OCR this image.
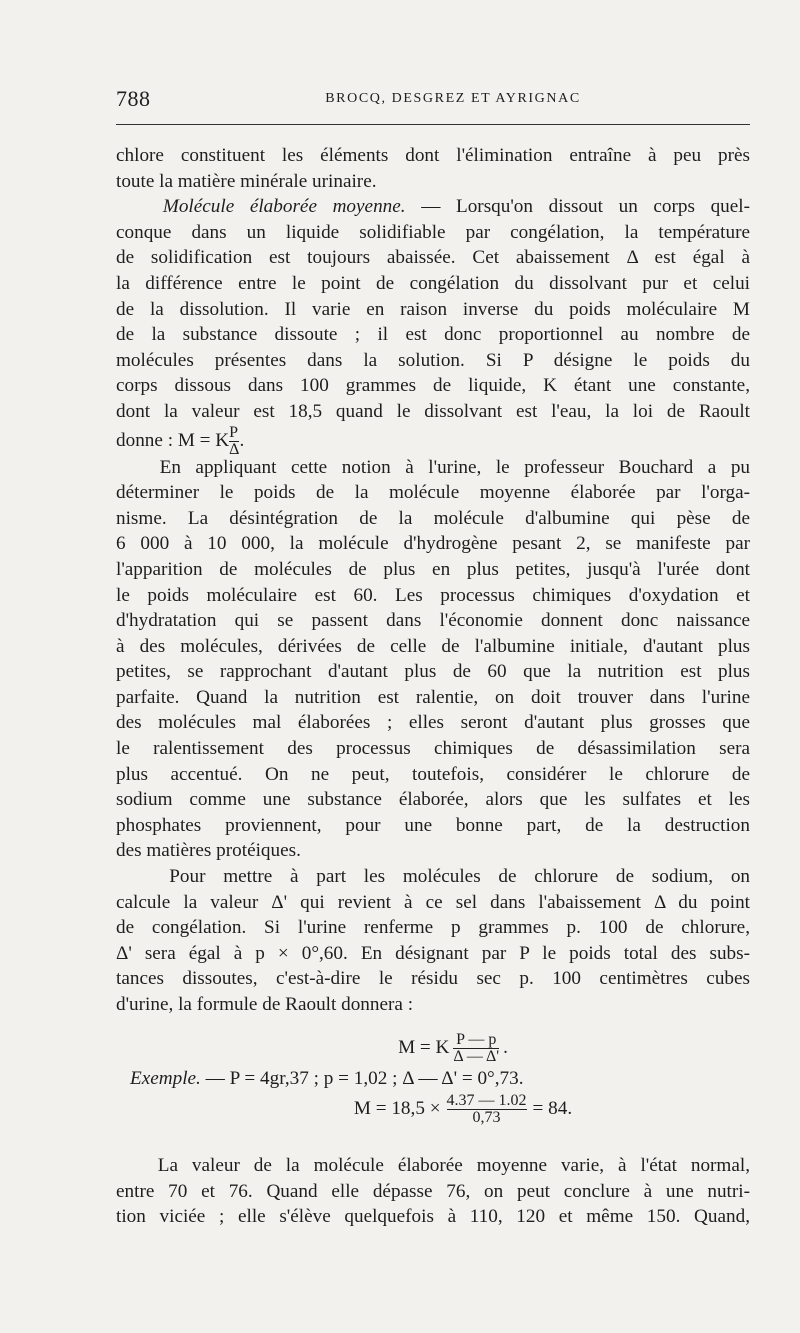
788	BROCQ, DESGREZ ET AYRIGNAC

chlore constituent les éléments dont l'élimination entraîne à peu près
toute la matière minérale urinaire.

Molécule élaborée moyenne. — Lorsqu'on dissout un corps quel-
conque dans un liquide solidifiable par congélation, la température
de solidification est toujours abaissée. Cet abaissement Δ est égal à
la différence entre le point de congélation du dissolvant pur et celui
de la dissolution. Il varie en raison inverse du poids moléculaire M
de la substance dissoute ; il est donc proportionnel au nombre de
molécules présentes dans la solution. Si P désigne le poids du
corps dissous dans 100 grammes de liquide, K étant une constante,
dont la valeur est 18,5 quand le dissolvant est l'eau, la loi de Raoult
donne : M = K $\frac{P}{\Delta}$ .

En appliquant cette notion à l'urine, le professeur Bouchard a pu
déterminer le poids de la molécule moyenne élaborée par l'orga-
nisme. La désintégration de la molécule d'albumine qui pèse de
6 000 à 10 000, la molécule d'hydrogène pesant 2, se manifeste par
l'apparition de molécules de plus en plus petites, jusqu'à l'urée dont
le poids moléculaire est 60. Les processus chimiques d'oxydation et
d'hydratation qui se passent dans l'économie donnent donc naissance
à des molécules, dérivées de celle de l'albumine initiale, d'autant plus
petites, se rapprochant d'autant plus de 60 que la nutrition est plus
parfaite. Quand la nutrition est ralentie, on doit trouver dans l'urine
des molécules mal élaborées ; elles seront d'autant plus grosses que
le ralentissement des processus chimiques de désassimilation sera
plus accentué. On ne peut, toutefois, considérer le chlorure de
sodium comme une substance élaborée, alors que les sulfates et les
phosphates proviennent, pour une bonne part, de la destruction
des matières protéiques.

Pour mettre à part les molécules de chlorure de sodium, on
calcule la valeur Δ' qui revient à ce sel dans l'abaissement Δ du point
de congélation. Si l'urine renferme p grammes p. 100 de chlorure,
Δ' sera égal à p × 0°,60. En désignant par P le poids total des subs-
tances dissoutes, c'est-à-dire le résidu sec p. 100 centimètres cubes
d'urine, la formule de Raoult donnera :

M = K $\frac{P — p}{\Delta — \Delta'}$ .

Exemple. — P = 4gr,37 ; p = 1,02 ; Δ — Δ' = 0°,73.

$M = 18,5 \times \frac{4.37 — 1.02}{0,73} = 84$.

La valeur de la molécule élaborée moyenne varie, à l'état normal,
entre 70 et 76. Quand elle dépasse 76, on peut conclure à une nutri-
tion viciée ; elle s'élève quelquefois à 110, 120 et même 150. Quand,
